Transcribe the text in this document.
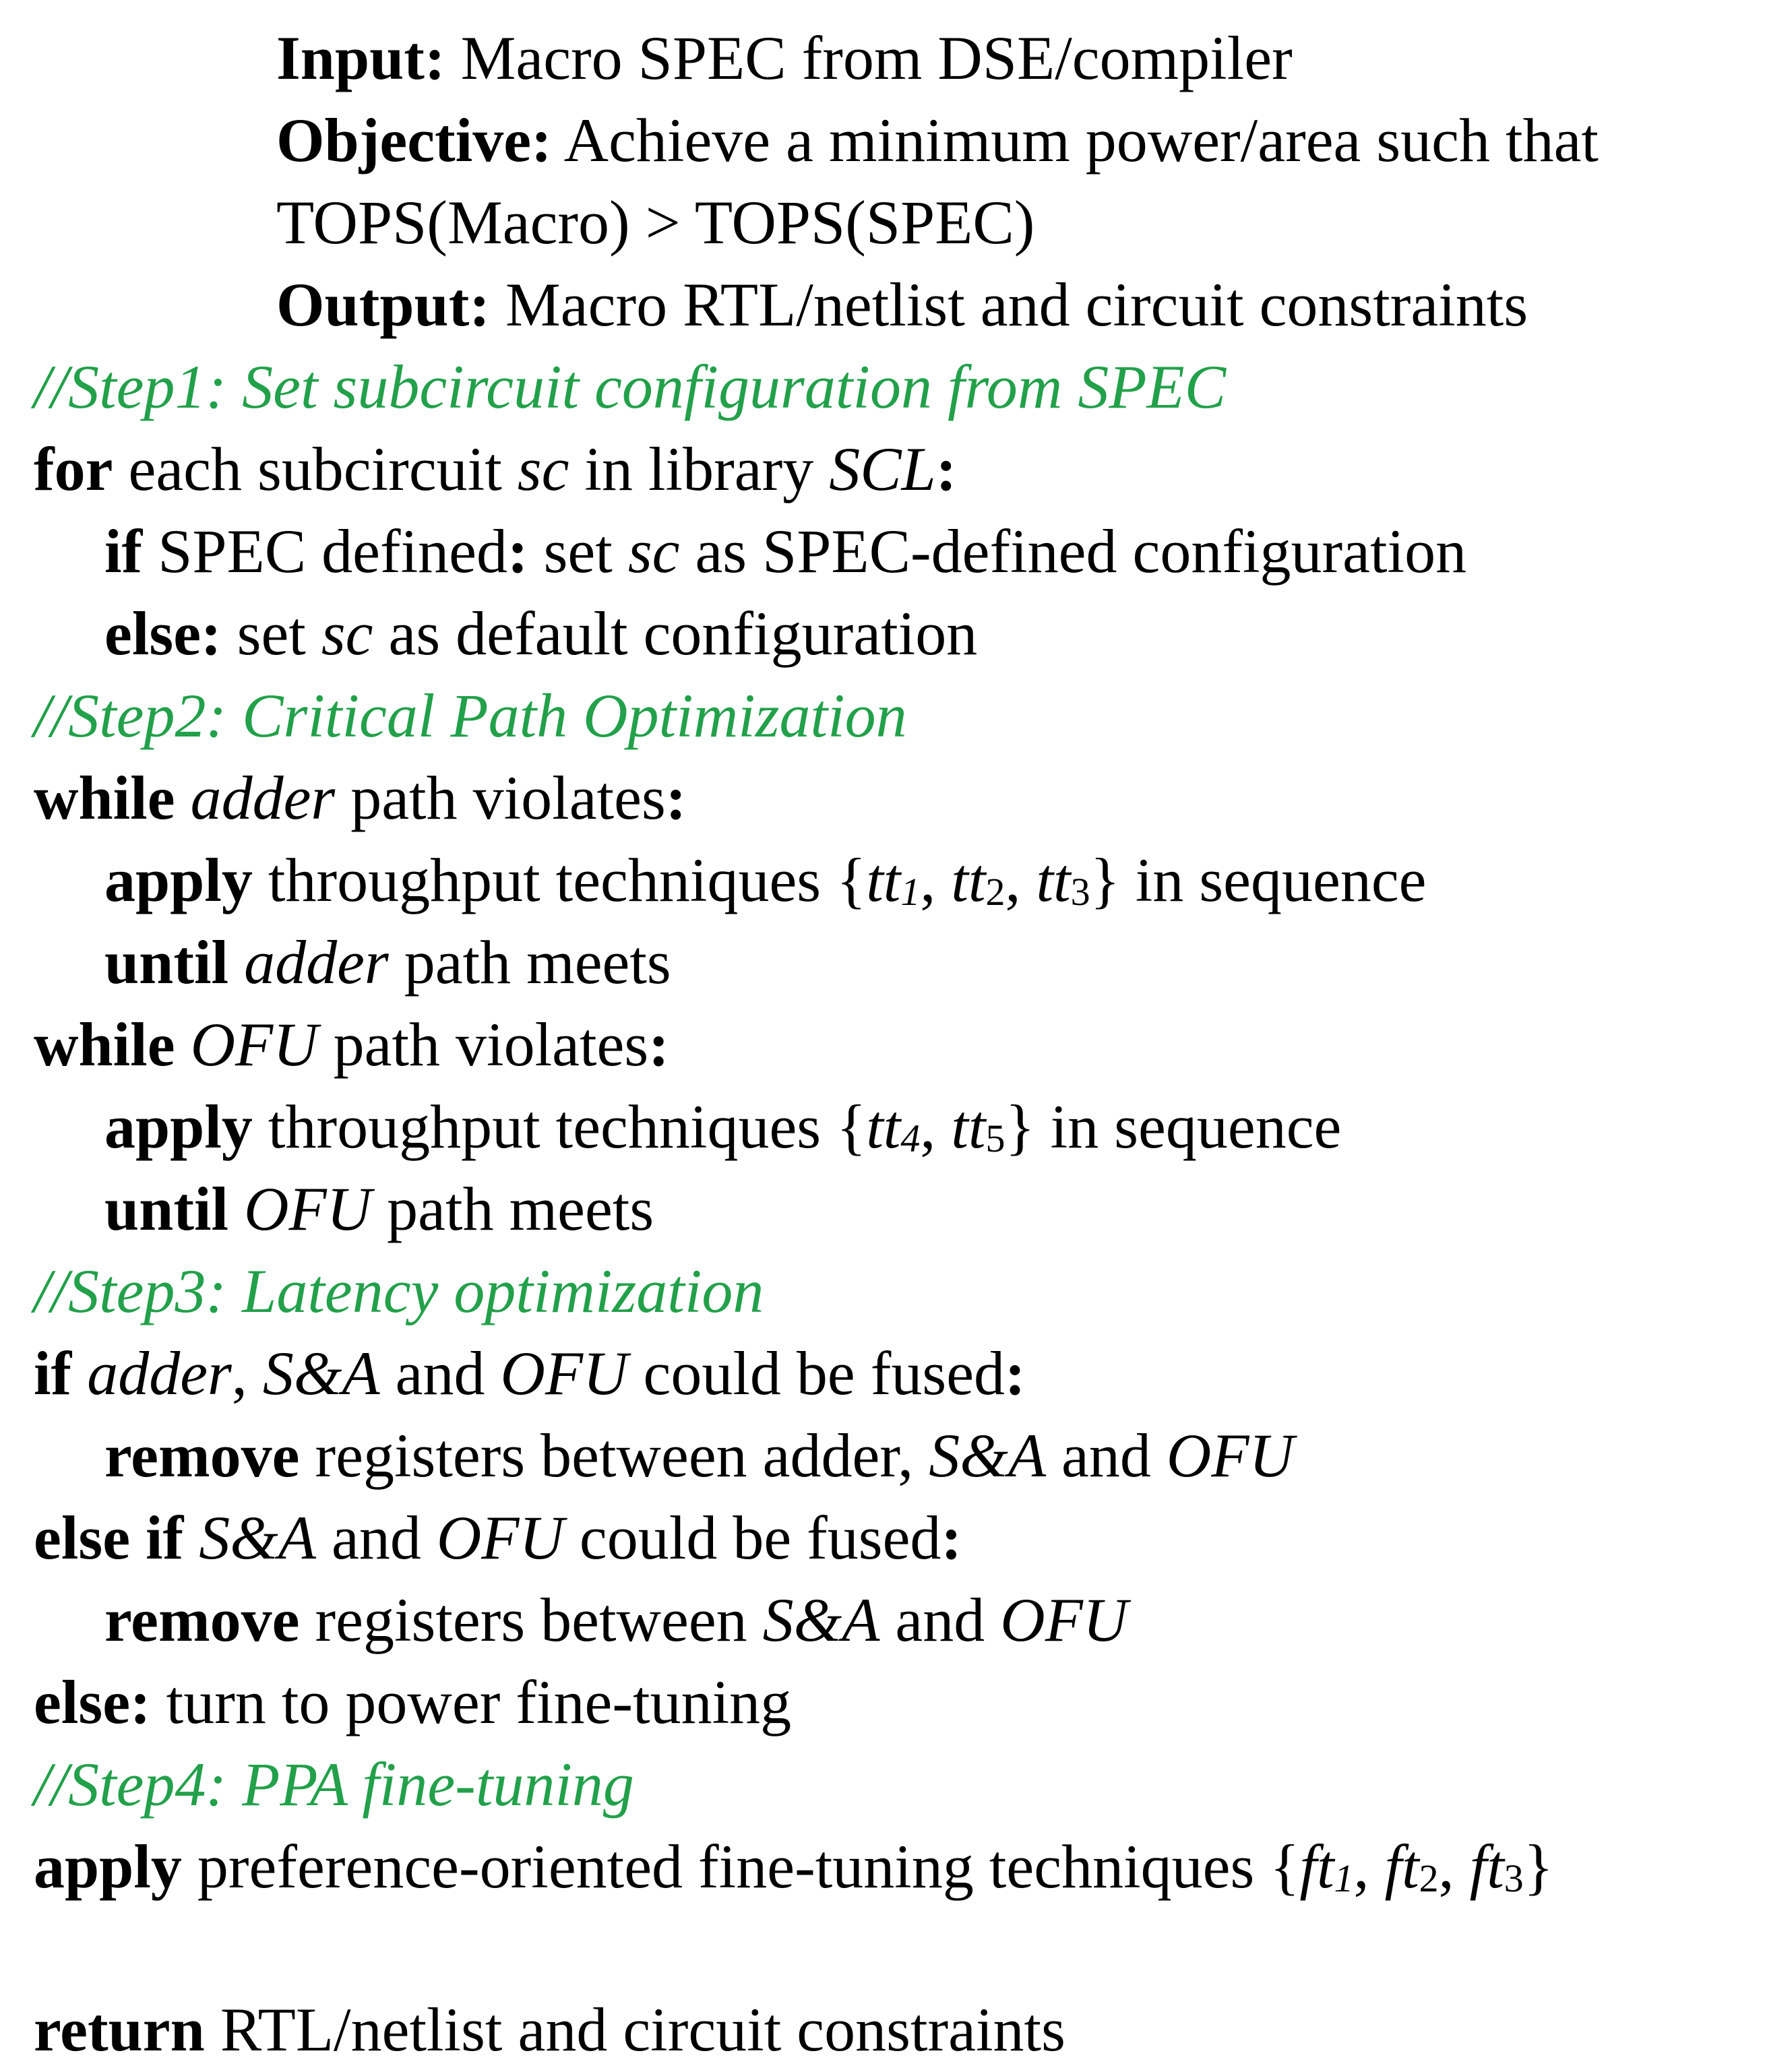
Input: Macro SPEC from DSE/compiler
Objective: Achieve a minimum power/area such that
TOPS(Macro) > TOPS(SPEC)
Output: Macro RTL/netlist and circuit constraints
//Step1: Set subcircuit configuration from SPEC
for each subcircuit sc in library SCL:
if SPEC defined: set sc as SPEC-defined configuration
else: set sc as default configuration
//Step2: Critical Path Optimization
while adder path violates:
apply throughput techniques {tt1, tt2, tt3} in sequence
until adder path meets
while OFU path violates:
apply throughput techniques {tt4, tt5} in sequence
until OFU path meets
//Step3: Latency optimization
if adder, S&A and OFU could be fused:
remove registers between adder, S&A and OFU
else if S&A and OFU could be fused:
remove registers between S&A and OFU
else: turn to power fine-tuning
//Step4: PPA fine-tuning
apply preference-oriented fine-tuning techniques {ft1, ft2, ft3}
return RTL/netlist and circuit constraints
